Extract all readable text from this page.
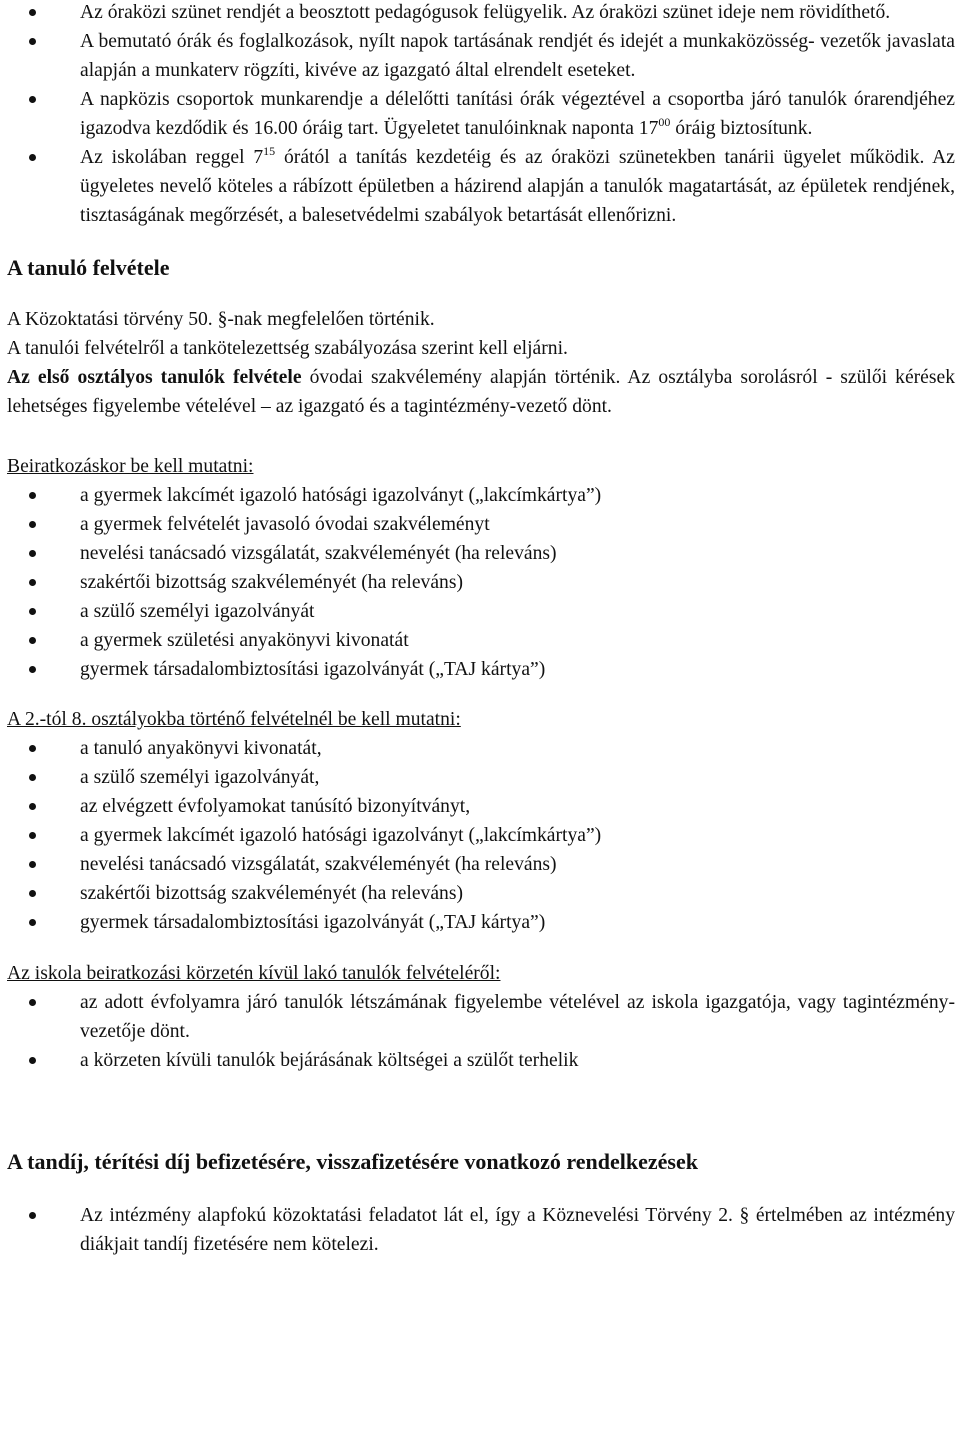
Az óraközi szünet rendjét a beosztott pedagógusok felügyelik. Az óraközi szünet ideje nem rövidíthető.
A bemutató órák és foglalkozások, nyílt napok tartásának rendjét és idejét a munkaközösség- vezetők javaslata alapján a munkaterv rögzíti, kivéve az igazgató által elrendelt eseteket.
A napközis csoportok munkarendje a délelőtti tanítási órák végeztével a csoportba járó tanulók órarendjéhez igazodva kezdődik és 16.00 óráig tart. Ügyeletet tanulóinknak naponta $17^{00}$ óráig biztosítunk.
Az iskolában reggel $7^{15}$ órától a tanítás kezdetéig és az óraközi szünetekben tanárii ügyelet működik. Az ügyeletes nevelő köteles a rábízott épületben a házirend alapján a tanulók magatartását, az épületek rendjének, tisztaságának megőrzését, a balesetvédelmi szabályok betartását ellenőrizni.
A tanuló felvétele
A Közoktatási törvény 50. §-nak megfelelően történik.
A tanulói felvételről a tankötelezettség szabályozása szerint kell eljárni.
Az első osztályos tanulók felvétele óvodai szakvélemény alapján történik. Az osztályba sorolásról - szülői kérések lehetséges figyelembe vételével – az igazgató és a tagintézmény-vezető dönt.
Beiratkozáskor be kell mutatni:
a gyermek lakcímét igazoló hatósági igazolványt („lakcímkártya”)
a gyermek felvételét javasoló óvodai szakvéleményt
nevelési tanácsadó vizsgálatát, szakvéleményét (ha releváns)
szakértői bizottság szakvéleményét (ha releváns)
a szülő személyi igazolványát
a gyermek születési anyakönyvi kivonatát
gyermek társadalombiztosítási igazolványát („TAJ kártya”)
A 2.-tól 8. osztályokba történő felvételnél be kell mutatni:
a tanuló anyakönyvi kivonatát,
a szülő személyi igazolványát,
az elvégzett évfolyamokat tanúsító bizonyítványt,
a gyermek lakcímét igazoló hatósági igazolványt („lakcímkártya”)
nevelési tanácsadó vizsgálatát, szakvéleményét (ha releváns)
szakértői bizottság szakvéleményét (ha releváns)
gyermek társadalombiztosítási igazolványát („TAJ kártya”)
Az iskola beiratkozási körzetén kívül lakó tanulók felvételéről:
az adott évfolyamra járó tanulók létszámának figyelembe vételével az iskola igazgatója, vagy tagintézmény- vezetője dönt.
a körzeten kívüli tanulók bejárásának költségei a szülőt terhelik
A tandíj, térítési díj befizetésére, visszafizetésére vonatkozó rendelkezések
Az intézmény alapfokú közoktatási feladatot lát el, így a Köznevelési Törvény 2. § értelmében az intézmény diákjait tandíj fizetésére nem kötelezi.
